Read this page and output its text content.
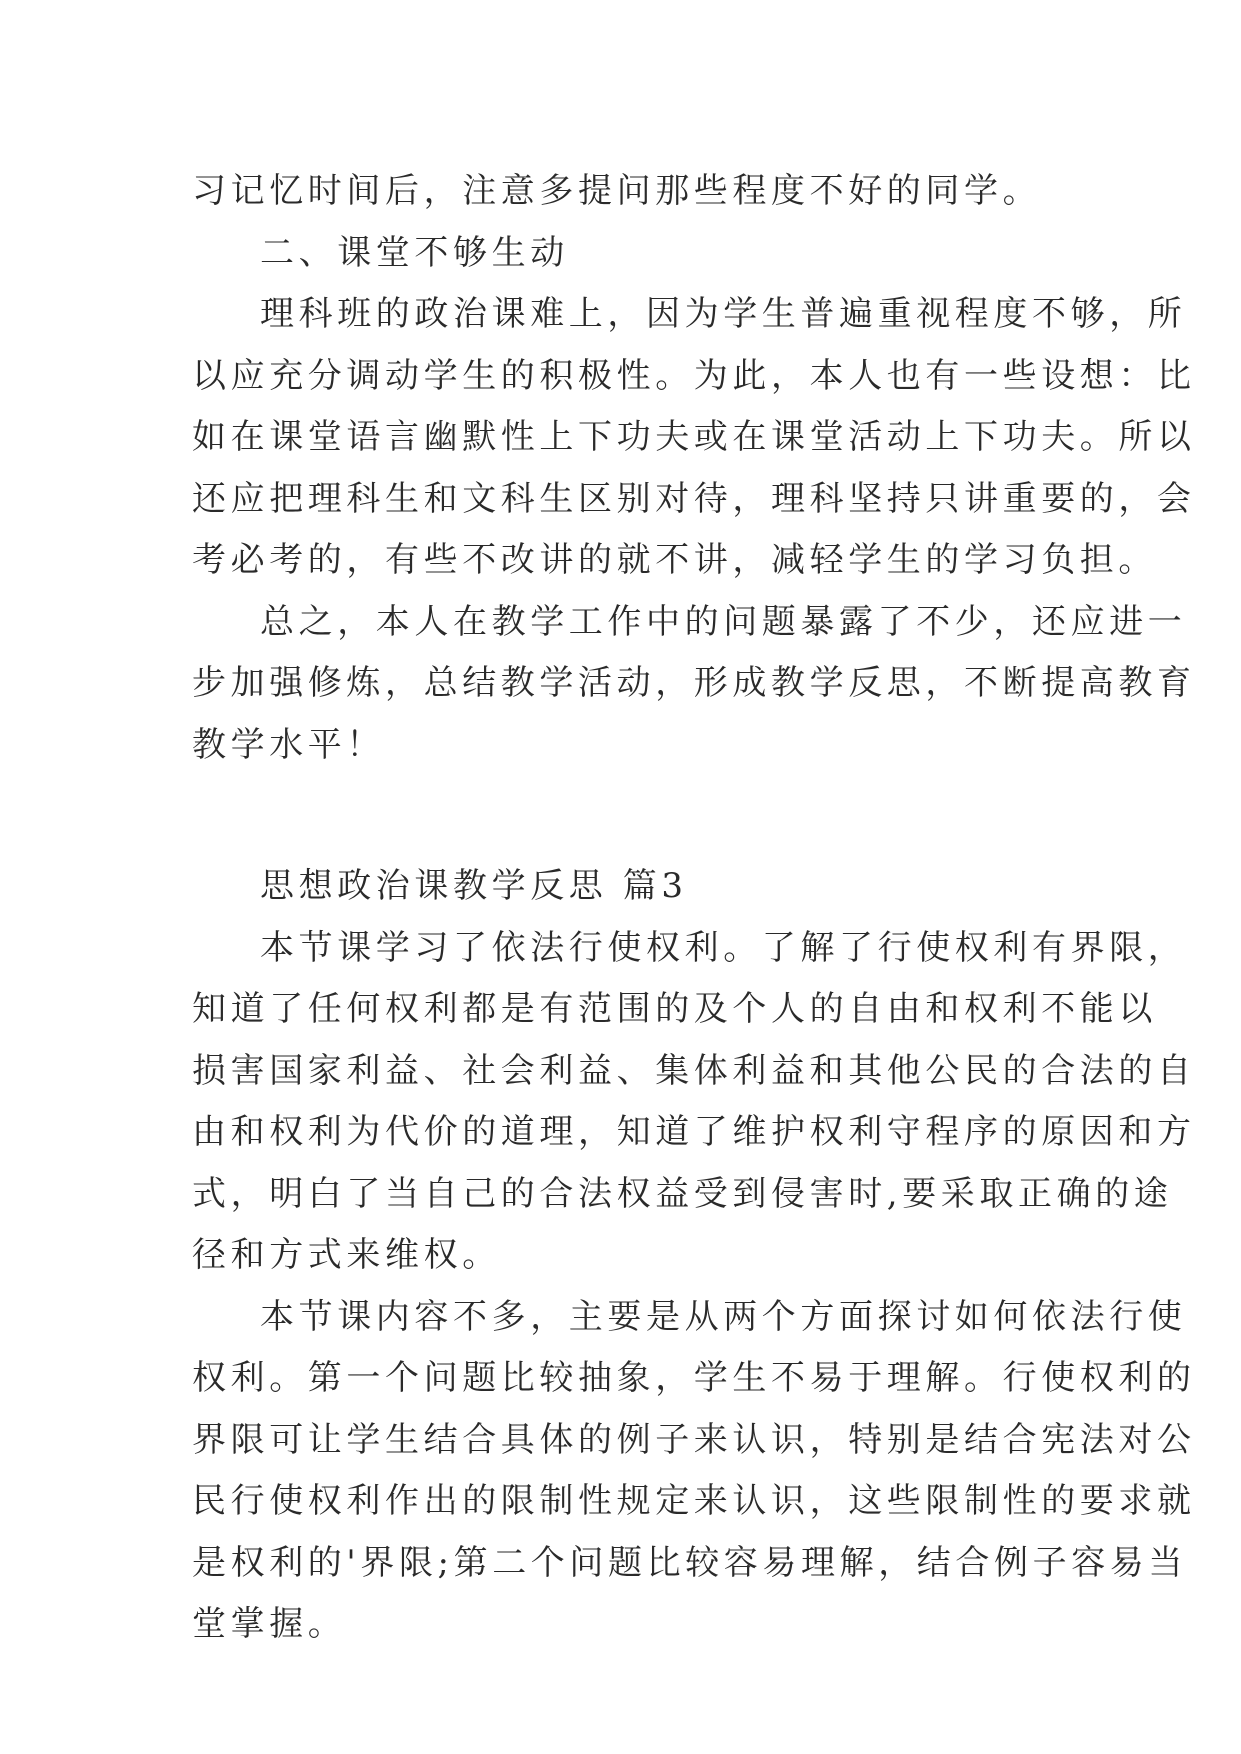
习记忆时间后，注意多提问那些程度不好的同学。
二、课堂不够生动
理科班的政治课难上，因为学生普遍重视程度不够，所
以应充分调动学生的积极性。为此，本人也有一些设想：比
如在课堂语言幽默性上下功夫或在课堂活动上下功夫。所以
还应把理科生和文科生区别对待，理科坚持只讲重要的，会
考必考的，有些不改讲的就不讲，减轻学生的学习负担。
总之，本人在教学工作中的问题暴露了不少，还应进一
步加强修炼，总结教学活动，形成教学反思，不断提高教育
教学水平！
思想政治课教学反思 篇3
本节课学习了依法行使权利。了解了行使权利有界限，
知道了任何权利都是有范围的及个人的自由和权利不能以
损害国家利益、社会利益、集体利益和其他公民的合法的自
由和权利为代价的道理，知道了维护权利守程序的原因和方
式，明白了当自己的合法权益受到侵害时,要采取正确的途
径和方式来维权。
本节课内容不多，主要是从两个方面探讨如何依法行使
权利。第一个问题比较抽象，学生不易于理解。行使权利的
界限可让学生结合具体的例子来认识，特别是结合宪法对公
民行使权利作出的限制性规定来认识，这些限制性的要求就
是权利的'界限;第二个问题比较容易理解，结合例子容易当
堂掌握。
